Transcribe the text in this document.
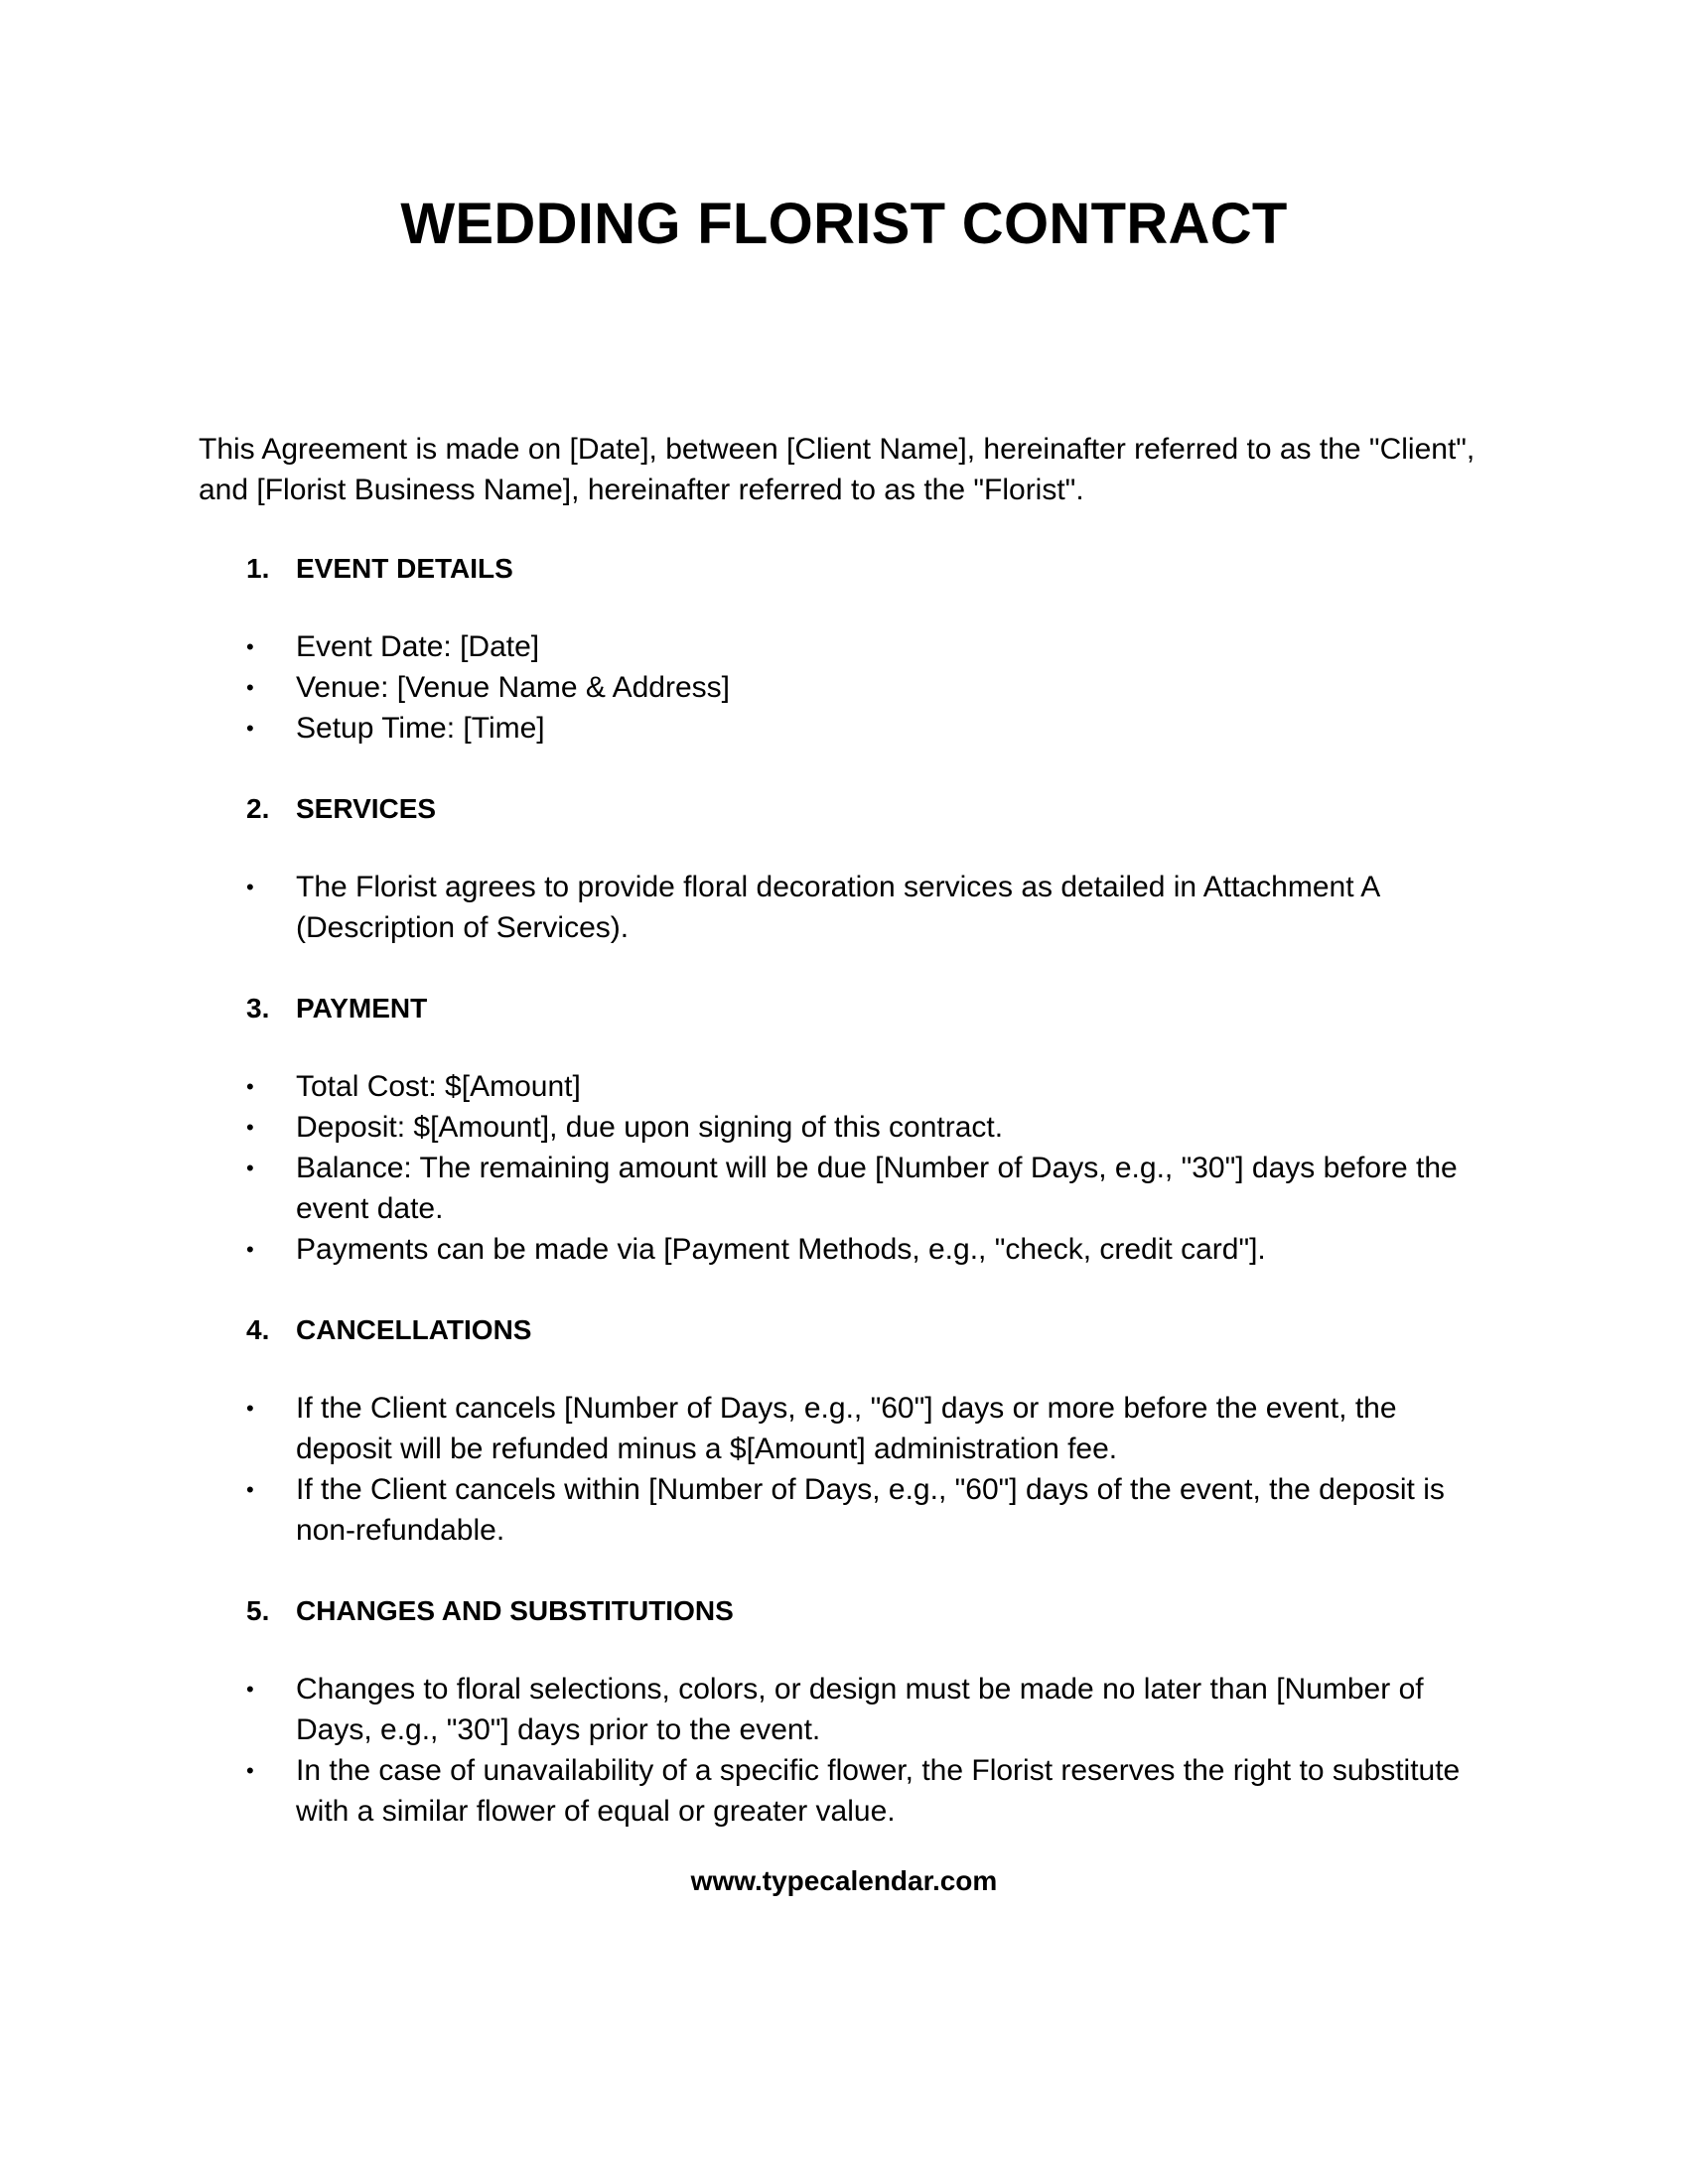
WEDDING FLORIST CONTRACT

This Agreement is made on [Date], between [Client Name], hereinafter referred to as the "Client", and [Florist Business Name], hereinafter referred to as the "Florist".

1. EVENT DETAILS
•	Event Date: [Date]
•	Venue: [Venue Name & Address]
•	Setup Time: [Time]
2. SERVICES
•	The Florist agrees to provide floral decoration services as detailed in Attachment A (Description of Services).
3. PAYMENT
•	Total Cost: $[Amount]
•	Deposit: $[Amount], due upon signing of this contract.
•	Balance: The remaining amount will be due [Number of Days, e.g., "30"] days before the event date.
•	Payments can be made via [Payment Methods, e.g., "check, credit card"].
4. CANCELLATIONS
•	If the Client cancels [Number of Days, e.g., "60"] days or more before the event, the deposit will be refunded minus a $[Amount] administration fee.
•	If the Client cancels within [Number of Days, e.g., "60"] days of the event, the deposit is non-refundable.
5. CHANGES AND SUBSTITUTIONS
•	Changes to floral selections, colors, or design must be made no later than [Number of Days, e.g., "30"] days prior to the event.
•	In the case of unavailability of a specific flower, the Florist reserves the right to substitute with a similar flower of equal or greater value.
www.typecalendar.com
